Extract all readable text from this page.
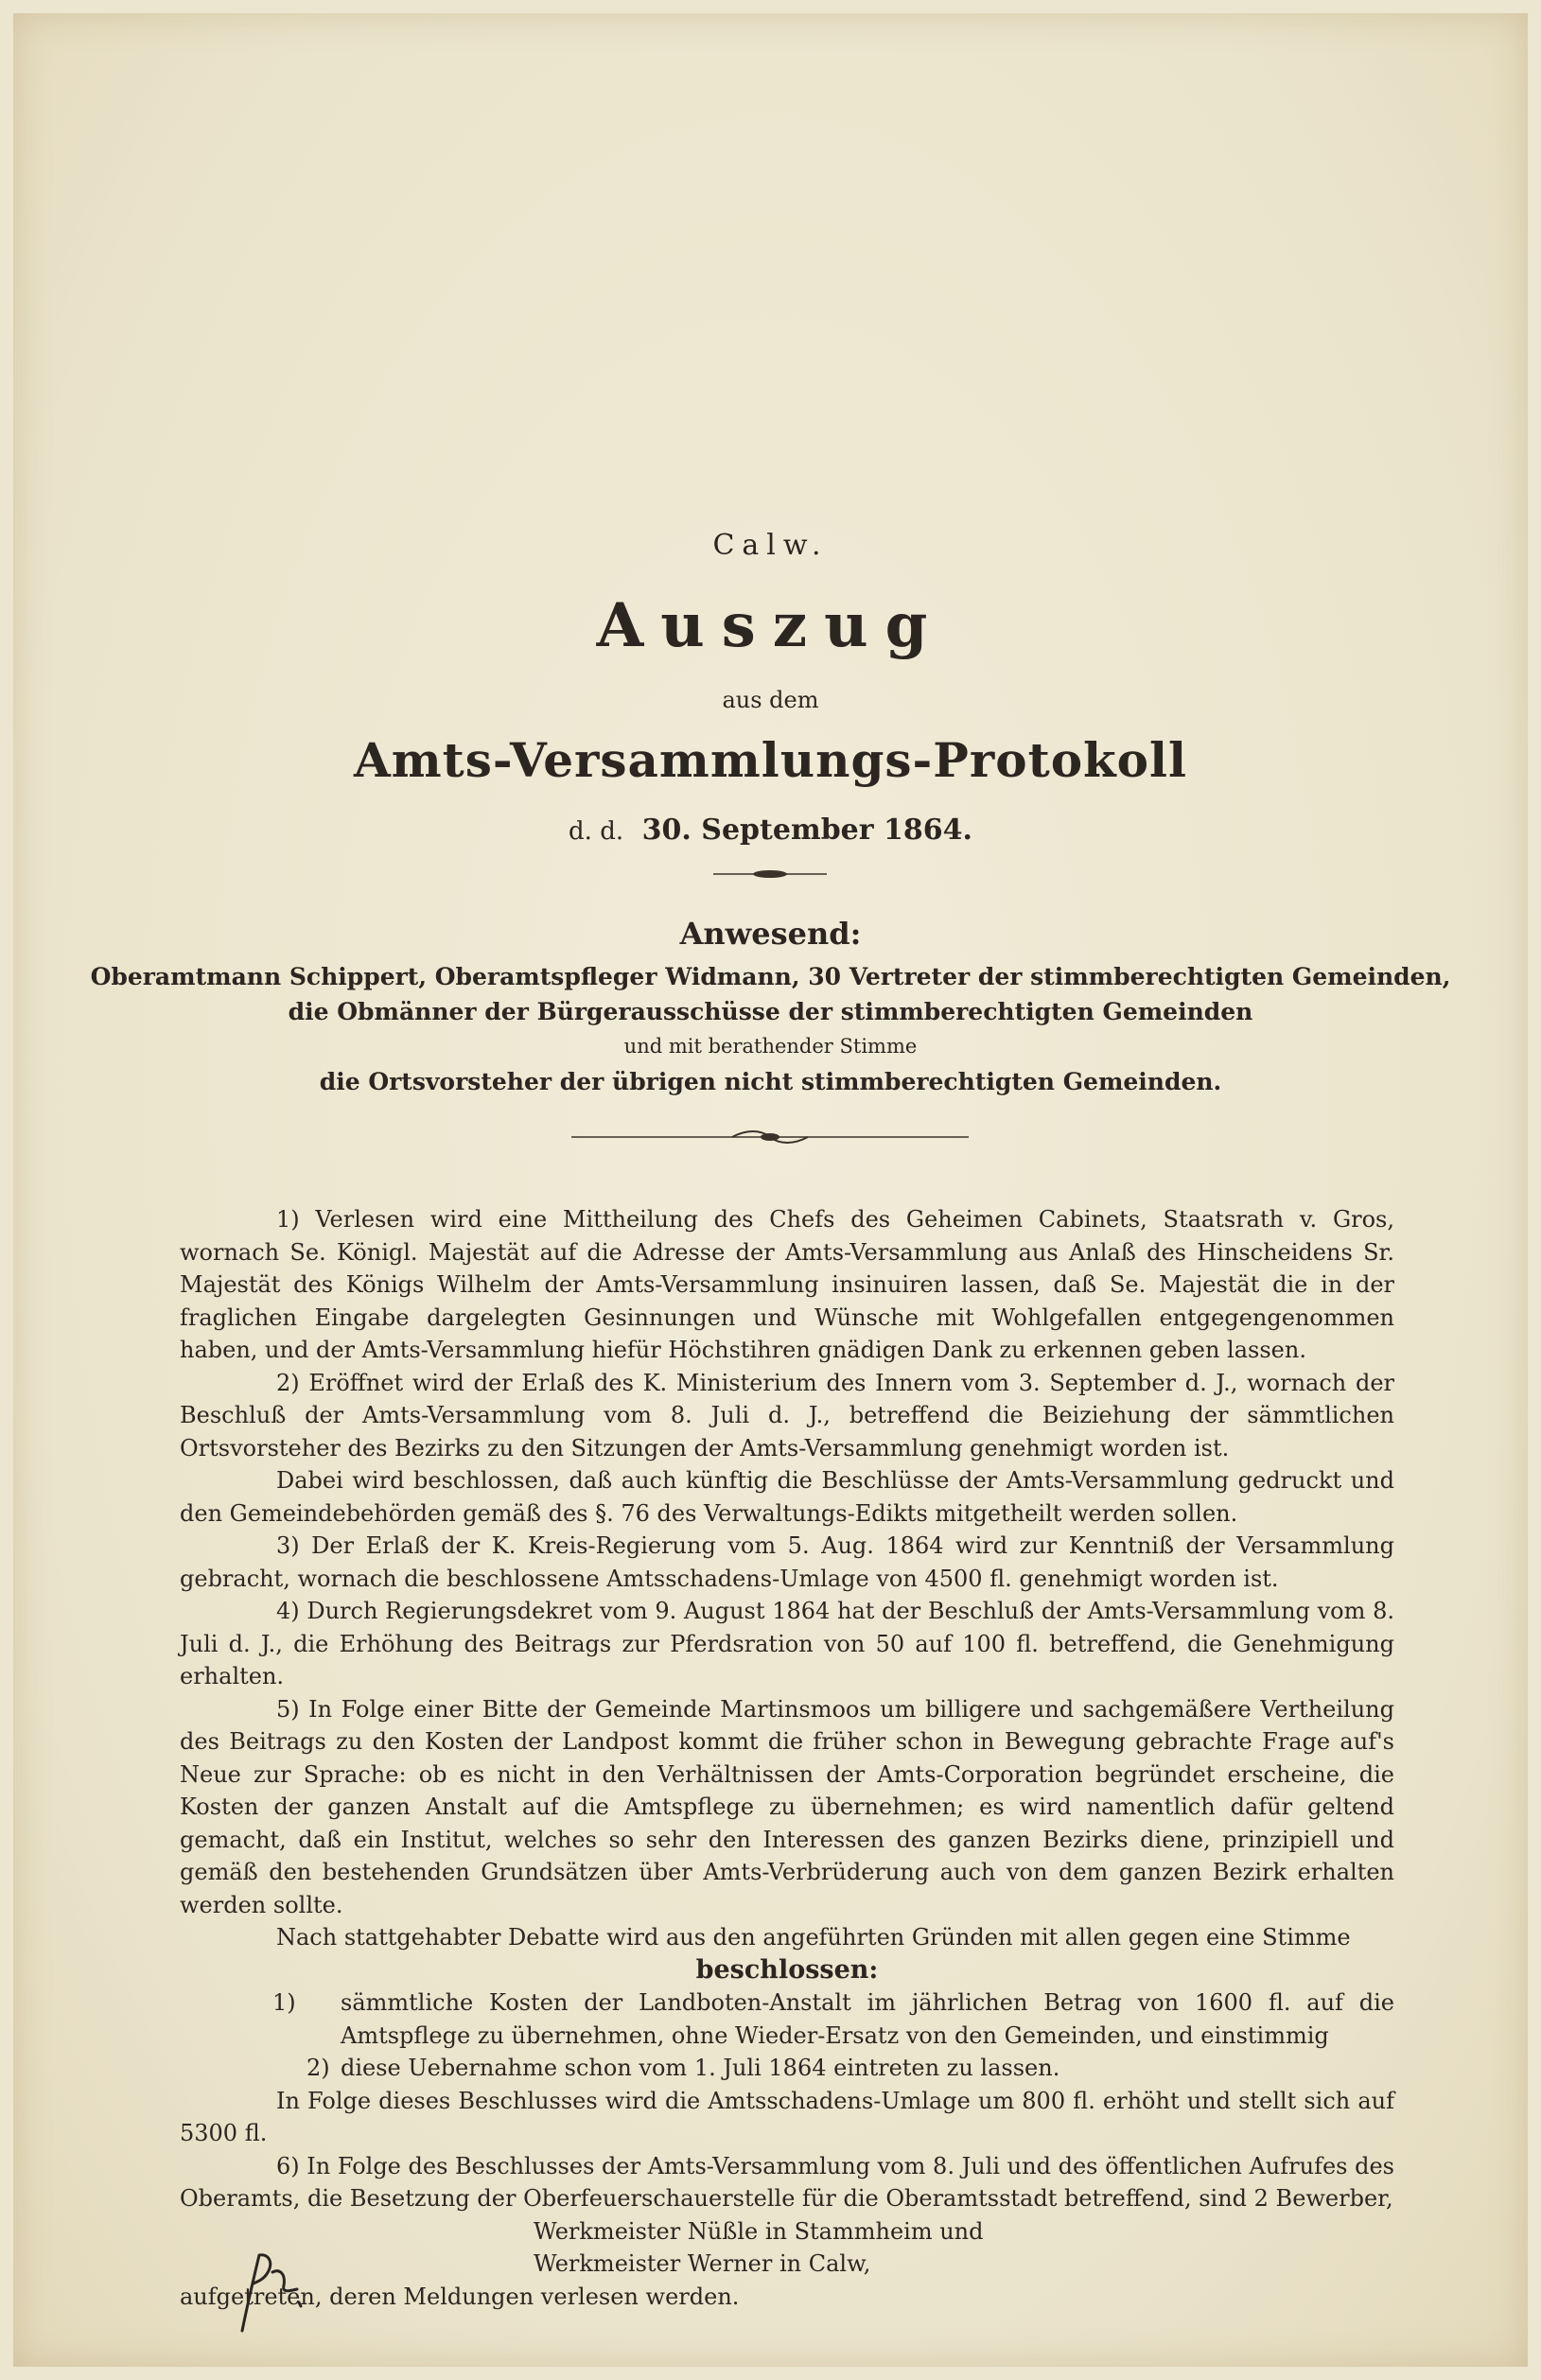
Calw.
Auszug
aus dem
Amts-Versammlungs-Protokoll
d. d. 30. September 1864.
Anwesend:
Oberamtmann Schippert, Oberamtspfleger Widmann, 30 Vertreter der stimmberechtigten Gemeinden,
die Obmänner der Bürgerausschüsse der stimmberechtigten Gemeinden
und mit berathender Stimme
die Ortsvorsteher der übrigen nicht stimmberechtigten Gemeinden.

1) Verlesen wird eine Mittheilung des Chefs des Geheimen Cabinets, Staatsrath v. Gros, wornach Se. Königl. Majestät auf die Adresse der Amts-Versammlung aus Anlaß des Hinscheidens Sr. Majestät des Königs Wilhelm der Amts-Versammlung insinuiren lassen, daß Se. Majestät die in der fraglichen Eingabe dargelegten Gesinnungen und Wünsche mit Wohlgefallen entgegengenommen haben, und der Amts-Versammlung hiefür Höchstihren gnädigen Dank zu erkennen geben lassen.

2) Eröffnet wird der Erlaß des K. Ministerium des Innern vom 3. September d. J., wornach der Beschluß der Amts-Versammlung vom 8. Juli d. J., betreffend die Beiziehung der sämmtlichen Ortsvorsteher des Bezirks zu den Sitzungen der Amts-Versammlung genehmigt worden ist.

Dabei wird beschlossen, daß auch künftig die Beschlüsse der Amts-Versammlung gedruckt und den Gemeindebehörden gemäß des §. 76 des Verwaltungs-Edikts mitgetheilt werden sollen.

3) Der Erlaß der K. Kreis-Regierung vom 5. Aug. 1864 wird zur Kenntniß der Versammlung gebracht, wornach die beschlossene Amtsschadens-Umlage von 4500 fl. genehmigt worden ist.

4) Durch Regierungsdekret vom 9. August 1864 hat der Beschluß der Amts-Versammlung vom 8. Juli d. J., die Erhöhung des Beitrags zur Pferdsration von 50 auf 100 fl. betreffend, die Genehmigung erhalten.

5) In Folge einer Bitte der Gemeinde Martinsmoos um billigere und sachgemäßere Vertheilung des Beitrags zu den Kosten der Landpost kommt die früher schon in Bewegung gebrachte Frage auf's Neue zur Sprache: ob es nicht in den Verhältnissen der Amts-Corporation begründet erscheine, die Kosten der ganzen Anstalt auf die Amtspflege zu übernehmen; es wird namentlich dafür geltend gemacht, daß ein Institut, welches so sehr den Interessen des ganzen Bezirks diene, prinzipiell und gemäß den bestehenden Grundsätzen über Amts-Verbrüderung auch von dem ganzen Bezirk erhalten werden sollte.

Nach stattgehabter Debatte wird aus den angeführten Gründen mit allen gegen eine Stimme

beschlossen:

1) sämmtliche Kosten der Landboten-Anstalt im jährlichen Betrag von 1600 fl. auf die Amtspflege zu übernehmen, ohne Wieder-Ersatz von den Gemeinden, und einstimmig

2) diese Uebernahme schon vom 1. Juli 1864 eintreten zu lassen.

In Folge dieses Beschlusses wird die Amtsschadens-Umlage um 800 fl. erhöht und stellt sich auf 5300 fl.

6) In Folge des Beschlusses der Amts-Versammlung vom 8. Juli und des öffentlichen Aufrufes des Oberamts, die Besetzung der Oberfeuerschauerstelle für die Oberamtsstadt betreffend, sind 2 Bewerber,

Werkmeister Nüßle in Stammheim und

Werkmeister Werner in Calw,

aufgetreten, deren Meldungen verlesen werden.
